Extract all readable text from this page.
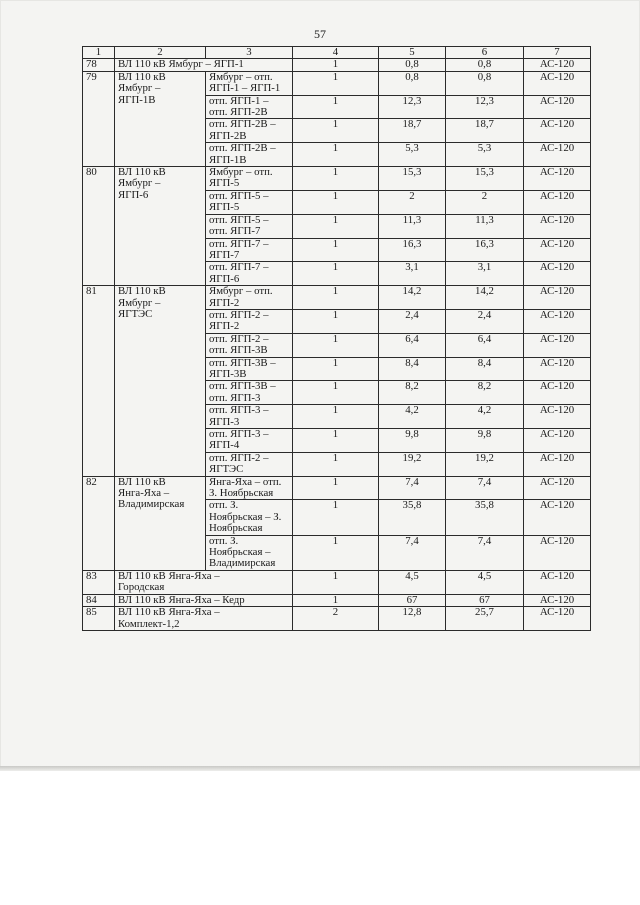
57
1	2	3	4	5	6	7
78	ВЛ 110 кВ Ямбург – ЯГП-1		1	0,8	0,8	АС-120
79	ВЛ 110 кВ
Ямбург –
ЯГП-1В	Ямбург – отп. ЯГП-1 – ЯГП-1	1	0,8	0,8	АС-120
		отп. ЯГП-1 – отп. ЯГП-2В	1	12,3	12,3	АС-120
		отп. ЯГП-2В – ЯГП-2В	1	18,7	18,7	АС-120
		отп. ЯГП-2В – ЯГП-1В	1	5,3	5,3	АС-120
80	ВЛ 110 кВ
Ямбург –
ЯГП-6	Ямбург – отп. ЯГП-5	1	15,3	15,3	АС-120
		отп. ЯГП-5 – ЯГП-5	1	2	2	АС-120
		отп. ЯГП-5 – отп. ЯГП-7	1	11,3	11,3	АС-120
		отп. ЯГП-7 – ЯГП-7	1	16,3	16,3	АС-120
		отп. ЯГП-7 – ЯГП-6	1	3,1	3,1	АС-120
81	ВЛ 110 кВ
Ямбург –
ЯГТЭС	Ямбург – отп. ЯГП-2	1	14,2	14,2	АС-120
		отп. ЯГП-2 – ЯГП-2	1	2,4	2,4	АС-120
		отп. ЯГП-2 – отп. ЯГП-3В	1	6,4	6,4	АС-120
		отп. ЯГП-3В – ЯГП-3В	1	8,4	8,4	АС-120
		отп. ЯГП-3В – отп. ЯГП-3	1	8,2	8,2	АС-120
		отп. ЯГП-3 – ЯГП-3	1	4,2	4,2	АС-120
		отп. ЯГП-3 – ЯГП-4	1	9,8	9,8	АС-120
		отп. ЯГП-2 – ЯГТЭС	1	19,2	19,2	АС-120
82	ВЛ 110 кВ
Янга-Яха –
Владимирская	Янга-Яха – отп. З. Ноябрьская	1	7,4	7,4	АС-120
		отп. З. Ноябрьская – З. Ноябрьская	1	35,8	35,8	АС-120
		отп. З. Ноябрьская – Владимирская	1	7,4	7,4	АС-120
83	ВЛ 110 кВ Янга-Яха –
Городская		1	4,5	4,5	АС-120
84	ВЛ 110 кВ Янга-Яха – Кедр		1	67	67	АС-120
85	ВЛ 110 кВ Янга-Яха –
Комплект-1,2		2	12,8	25,7	АС-120
